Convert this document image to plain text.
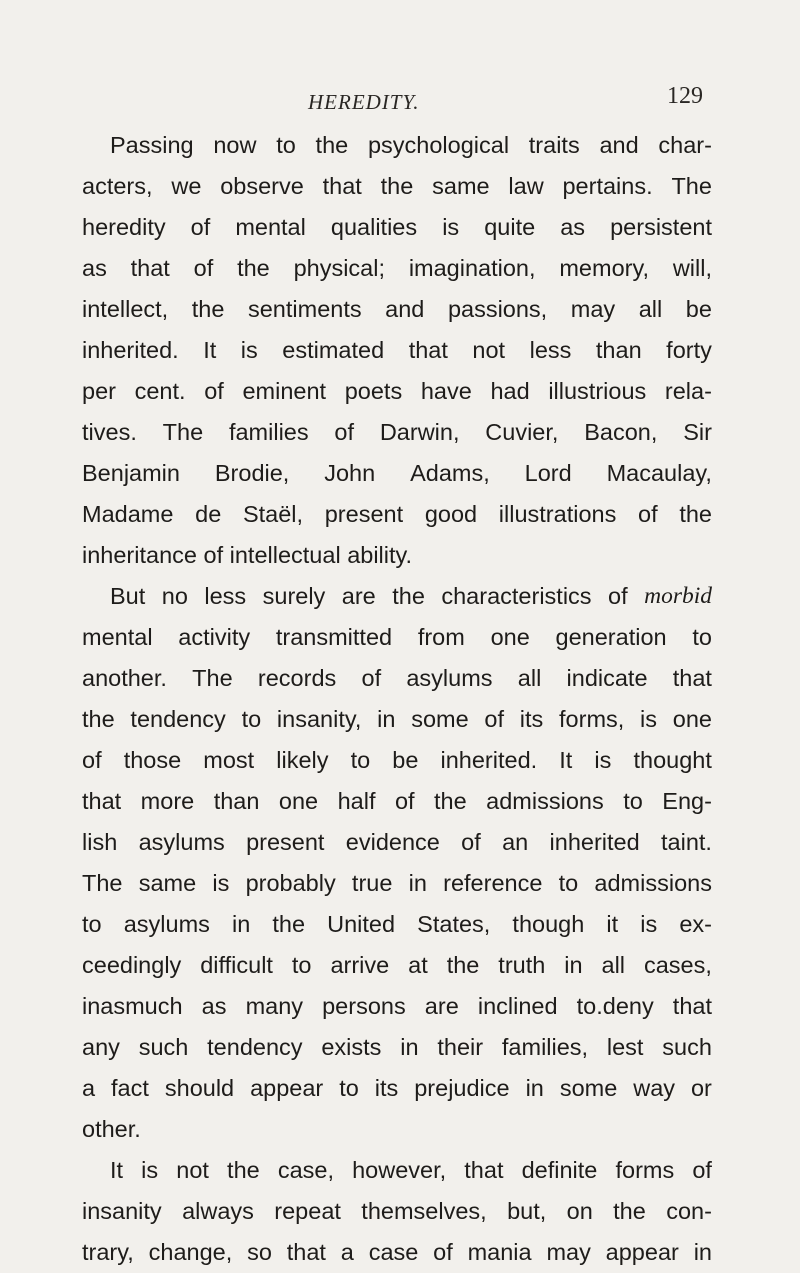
HEREDITY.	129
Passing now to the psychological traits and char-
acters, we observe that the same law pertains. The
heredity of mental qualities is quite as persistent
as that of the physical; imagination, memory, will,
intellect, the sentiments and passions, may all be
inherited. It is estimated that not less than forty
per cent. of eminent poets have had illustrious rela-
tives. The families of Darwin, Cuvier, Bacon, Sir
Benjamin Brodie, John Adams, Lord Macaulay,
Madame de Staël, present good illustrations of the
inheritance of intellectual ability.
But no less surely are the characteristics of morbid
mental activity transmitted from one generation to
another. The records of asylums all indicate that
the tendency to insanity, in some of its forms, is one
of those most likely to be inherited. It is thought
that more than one half of the admissions to Eng-
lish asylums present evidence of an inherited taint.
The same is probably true in reference to admissions
to asylums in the United States, though it is ex-
ceedingly difficult to arrive at the truth in all cases,
inasmuch as many persons are inclined to.deny that
any such tendency exists in their families, lest such
a fact should appear to its prejudice in some way or
other.
It is not the case, however, that definite forms of
insanity always repeat themselves, but, on the con-
trary, change, so that a case of mania may appear in
